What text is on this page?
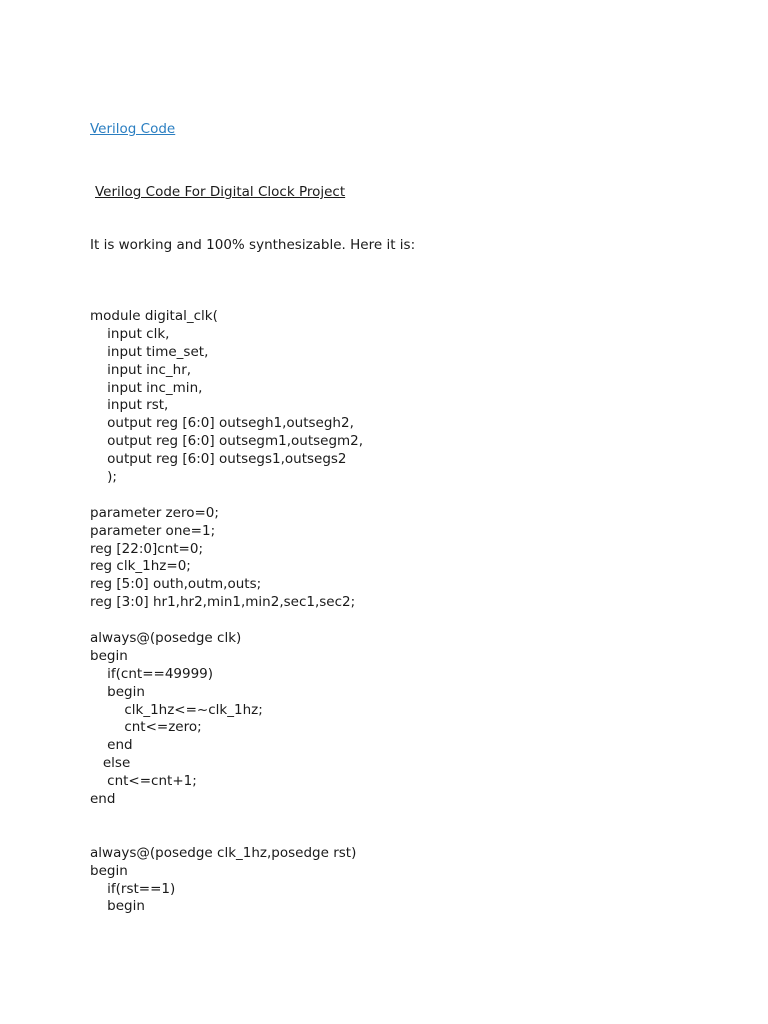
Verilog Code
Verilog Code For Digital Clock Project
It is working and 100% synthesizable. Here it is:
module digital_clk(
input clk,
input time_set,
input inc_hr,
input inc_min,
input rst,
output reg [6:0] outsegh1,outsegh2,
output reg [6:0] outsegm1,outsegm2,
output reg [6:0] outsegs1,outsegs2
);
parameter zero=0;
parameter one=1;
reg [22:0]cnt=0;
reg clk_1hz=0;
reg [5:0] outh,outm,outs;
reg [3:0] hr1,hr2,min1,min2,sec1,sec2;
always@(posedge clk)
begin
if(cnt==49999)
begin
clk_1hz<=~clk_1hz;
cnt<=zero;
end
else
cnt<=cnt+1;
end
always@(posedge clk_1hz,posedge rst)
begin
if(rst==1)
begin
